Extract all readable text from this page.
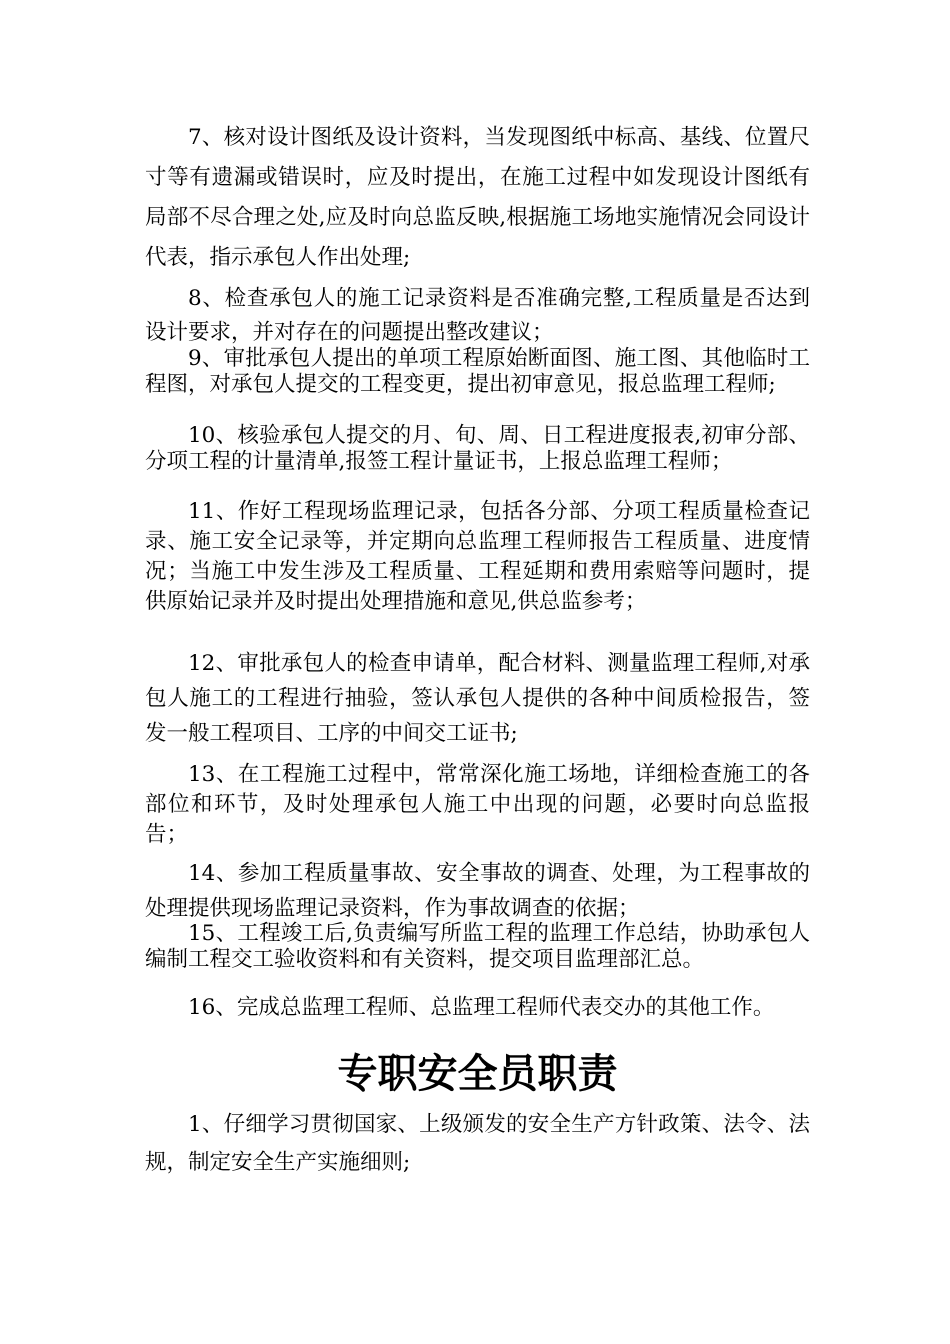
7、核对设计图纸及设计资料，当发现图纸中标高、基线、位置尺寸等有遗漏或错误时，应及时提出，在施工过程中如发现设计图纸有局部不尽合理之处,应及时向总监反映,根据施工场地实施情况会同设计代表，指示承包人作出处理;

8、检查承包人的施工记录资料是否准确完整,工程质量是否达到设计要求，并对存在的问题提出整改建议；

9、审批承包人提出的单项工程原始断面图、施工图、其他临时工程图，对承包人提交的工程变更，提出初审意见，报总监理工程师;

10、核验承包人提交的月、旬、周、日工程进度报表,初审分部、分项工程的计量清单,报签工程计量证书，上报总监理工程师；

11、作好工程现场监理记录，包括各分部、分项工程质量检查记录、施工安全记录等，并定期向总监理工程师报告工程质量、进度情况；当施工中发生涉及工程质量、工程延期和费用索赔等问题时，提供原始记录并及时提出处理措施和意见,供总监参考；

12、审批承包人的检查申请单，配合材料、测量监理工程师,对承包人施工的工程进行抽验，签认承包人提供的各种中间质检报告，签发一般工程项目、工序的中间交工证书;

13、在工程施工过程中，常常深化施工场地，详细检查施工的各部位和环节，及时处理承包人施工中出现的问题，必要时向总监报告；

14、参加工程质量事故、安全事故的调查、处理，为工程事故的处理提供现场监理记录资料，作为事故调查的依据；

15、工程竣工后,负责编写所监工程的监理工作总结，协助承包人编制工程交工验收资料和有关资料，提交项目监理部汇总。

16、完成总监理工程师、总监理工程师代表交办的其他工作。

专职安全员职责

1、仔细学习贯彻国家、上级颁发的安全生产方针政策、法令、法规，制定安全生产实施细则;
